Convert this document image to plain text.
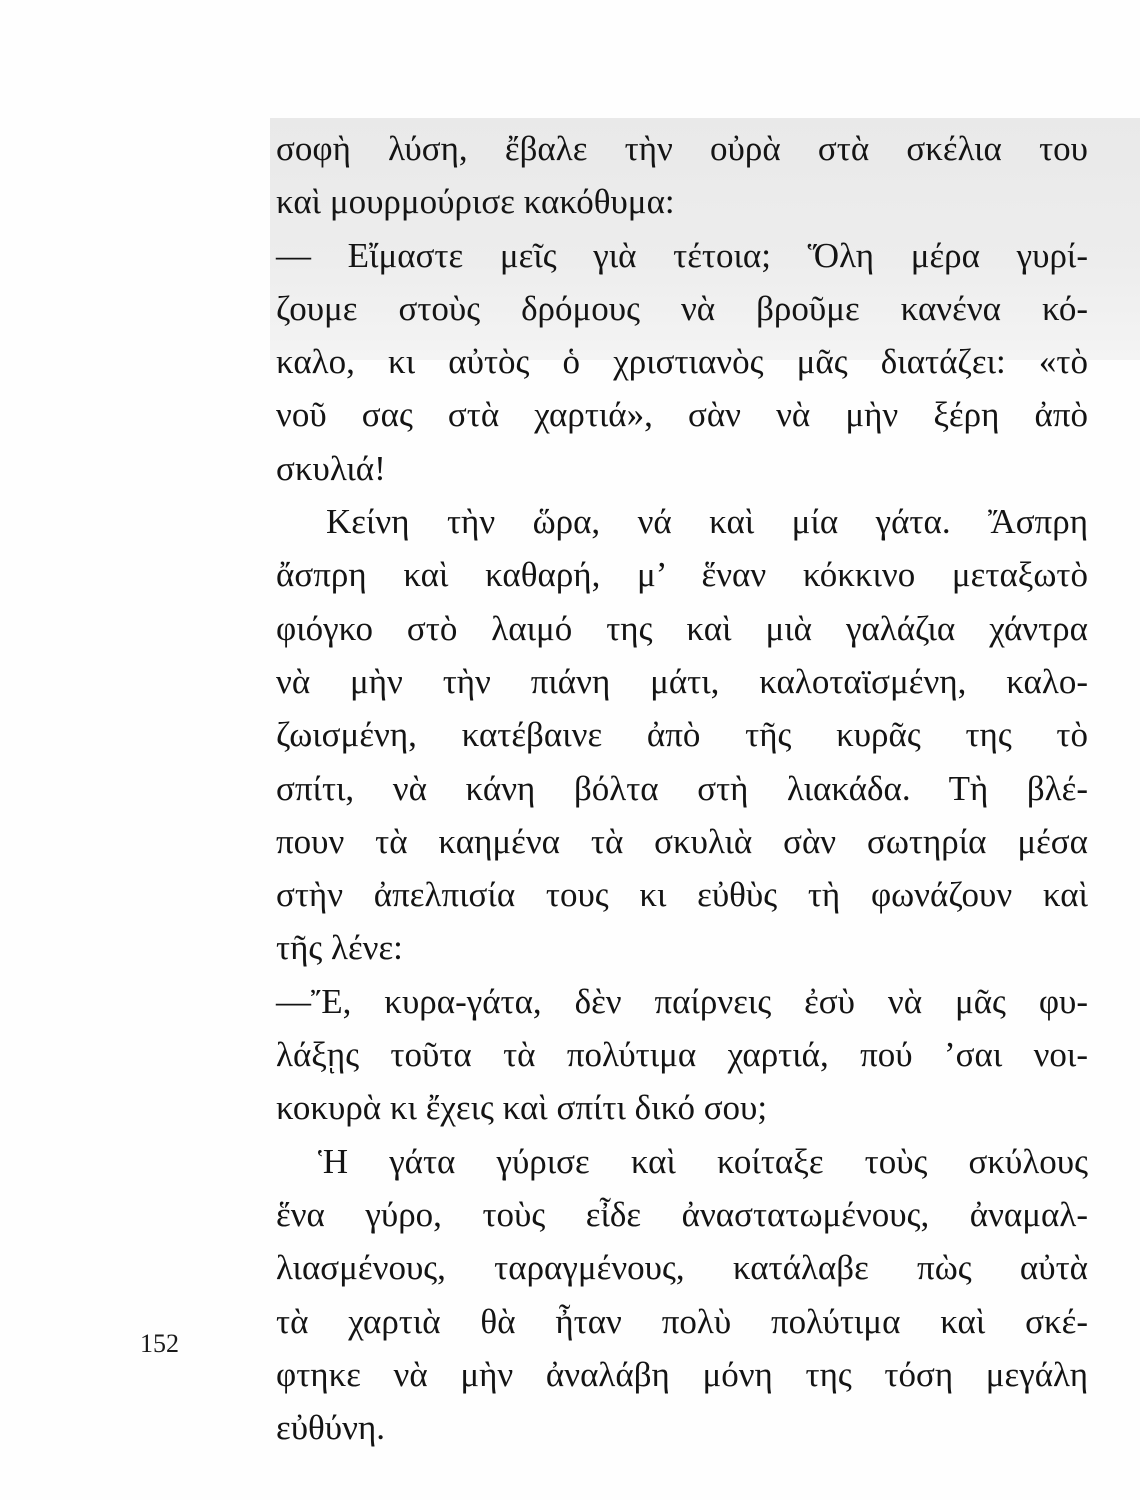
σοφὴ λύση, ἔβαλε τὴν οὐρὰ στὰ σκέλια του
καὶ μουρμούρισε κακόθυμα:
— Εἴμαστε μεῖς γιὰ τέτοια; Ὅλη μέρα γυρί-
ζουμε στοὺς δρόμους νὰ βροῦμε κανένα κό-
καλο, κι αὐτὸς ὁ χριστιανὸς μᾶς διατάζει: «τὸ
νοῦ σας στὰ χαρτιά», σὰν νὰ μὴν ξέρη ἀπὸ
σκυλιά!
Κείνη τὴν ὥρα, νά καὶ μία γάτα. Ἄσπρη
ἄσπρη καὶ καθαρή, μ’ ἕναν κόκκινο μεταξωτὸ
φιόγκο στὸ λαιμό της καὶ μιὰ γαλάζια χάντρα
νὰ μὴν τὴν πιάνη μάτι, καλοταϊσμένη, καλο-
ζωισμένη, κατέβαινε ἀπὸ τῆς κυρᾶς της τὸ
σπίτι, νὰ κάνη βόλτα στὴ λιακάδα. Τὴ βλέ-
πουν τὰ καημένα τὰ σκυλιὰ σὰν σωτηρία μέσα
στὴν ἀπελπισία τους κι εὐθὺς τὴ φωνάζουν καὶ
τῆς λένε:
—Ἔ, κυρα-γάτα, δὲν παίρνεις ἐσὺ νὰ μᾶς φυ-
λάξῃς τοῦτα τὰ πολύτιμα χαρτιά, πού ’σαι νοι-
κοκυρὰ κι ἔχεις καὶ σπίτι δικό σου;
Ἡ γάτα γύρισε καὶ κοίταξε τοὺς σκύλους
ἕνα γύρο, τοὺς εἶδε ἀναστατωμένους, ἀναμαλ-
λιασμένους, ταραγμένους, κατάλαβε πὼς αὐτὰ
τὰ χαρτιὰ θὰ ἦταν πολὺ πολύτιμα καὶ σκέ-
φτηκε νὰ μὴν ἀναλάβη μόνη της τόση μεγάλη
εὐθύνη.
152
